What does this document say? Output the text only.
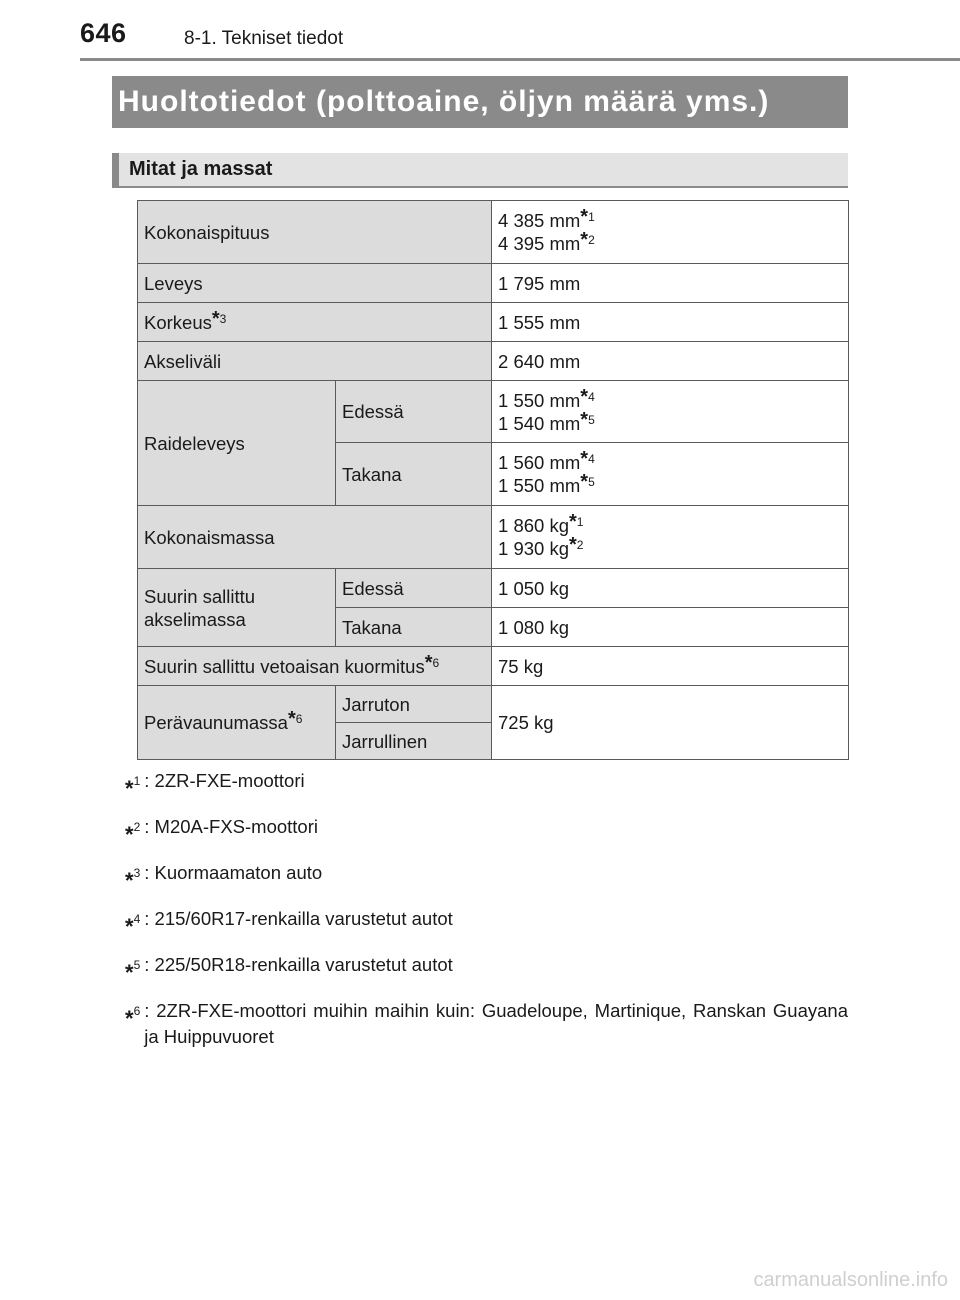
646	8-1. Tekniset tiedot
Huoltotiedot (polttoaine, öljyn määrä yms.)
Mitat ja massat
Kokonaispituus		4 385 $mm^{*1}$
4 395 $mm^{*2}$
Leveys		1 795 mm
Korkeus$^{*3}$		1 555 mm
Akseliväli		2 640 mm
Raideleveys	Edessä	1 550 $mm^{*4}$
1 540 $mm^{*5}$
	Takana	1 560 $mm^{*4}$
1 550 $mm^{*5}$
Kokonaismassa		1 860 $kg^{*1}$
1 930 $kg^{*2}$
Suurin sallittu akselimassa	Edessä	1 050 kg
	Takana	1 080 kg
Suurin sallittu vetoaisan kuormitus$^{*6}$		75 kg
Perävaunumassa$^{*6}$	Jarruton	725 kg
	Jarrullinen	
*$^1$ : 2ZR-FXE-moottori
*$^2$ : M20A-FXS-moottori
*$^3$ : Kuormaamaton auto
*$^4$ : 215/60R17-renkailla varustetut autot
*$^5$ : 225/50R18-renkailla varustetut autot
*$^6$ : 2ZR-FXE-moottori muihin maihin kuin: Guadeloupe, Martinique, Ranskan Guayana ja Huippuvuoret
carmanualsonline.info
